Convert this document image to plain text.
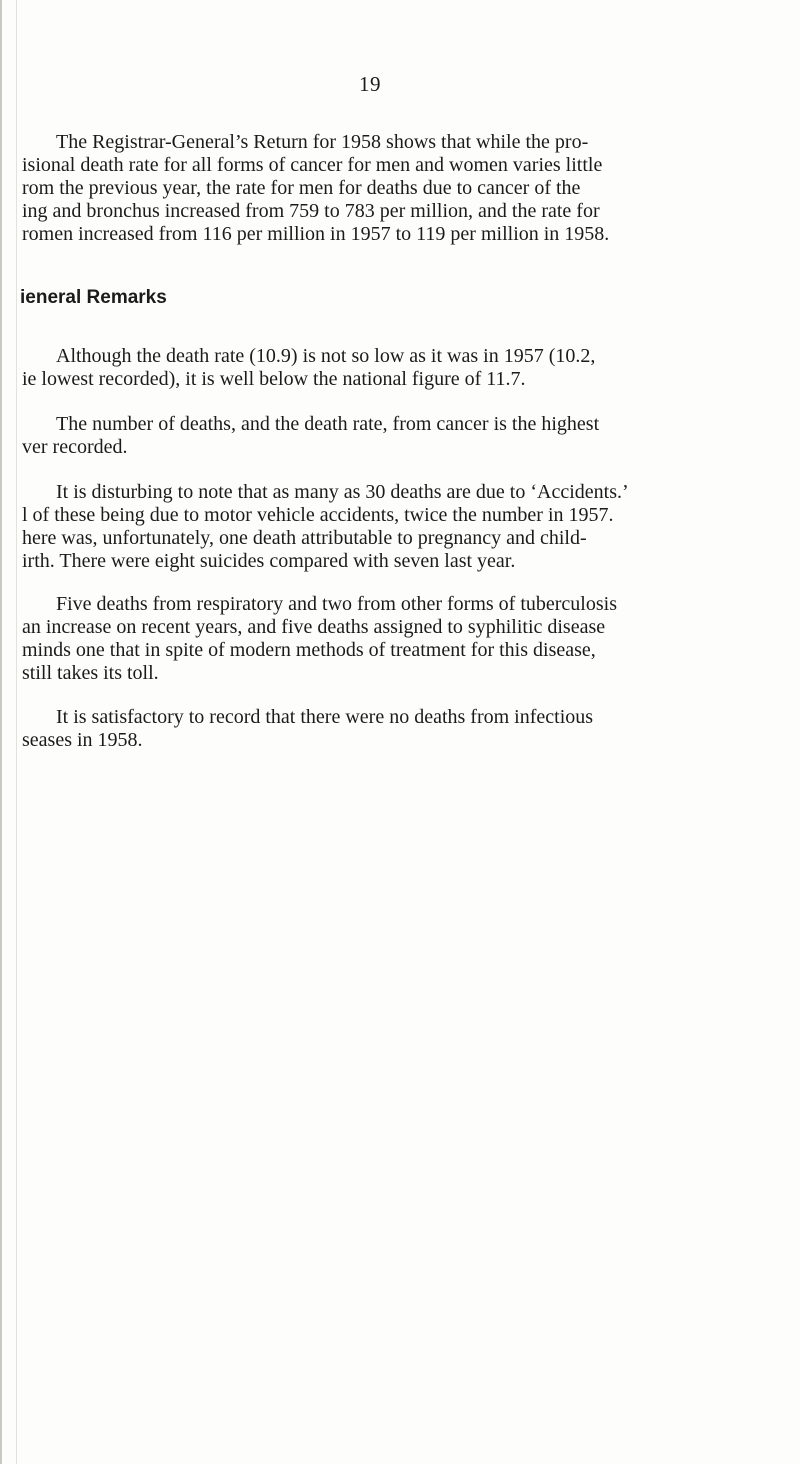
19
The Registrar-General’s Return for 1958 shows that while the pro-
isional death rate for all forms of cancer for men and women varies little
rom the previous year, the rate for men for deaths due to cancer of the
ing and bronchus increased from 759 to 783 per million, and the rate for
romen increased from 116 per million in 1957 to 119 per million in 1958.
ieneral Remarks
Although the death rate (10.9) is not so low as it was in 1957 (10.2,
ie lowest recorded), it is well below the national figure of 11.7.
The number of deaths, and the death rate, from cancer is the highest
ver recorded.
It is disturbing to note that as many as 30 deaths are due to ‘Accidents.’
l of these being due to motor vehicle accidents, twice the number in 1957.
here was, unfortunately, one death attributable to pregnancy and child-
irth. There were eight suicides compared with seven last year.
Five deaths from respiratory and two from other forms of tuberculosis
an increase on recent years, and five deaths assigned to syphilitic disease
minds one that in spite of modern methods of treatment for this disease,
still takes its toll.
It is satisfactory to record that there were no deaths from infectious
seases in 1958.
